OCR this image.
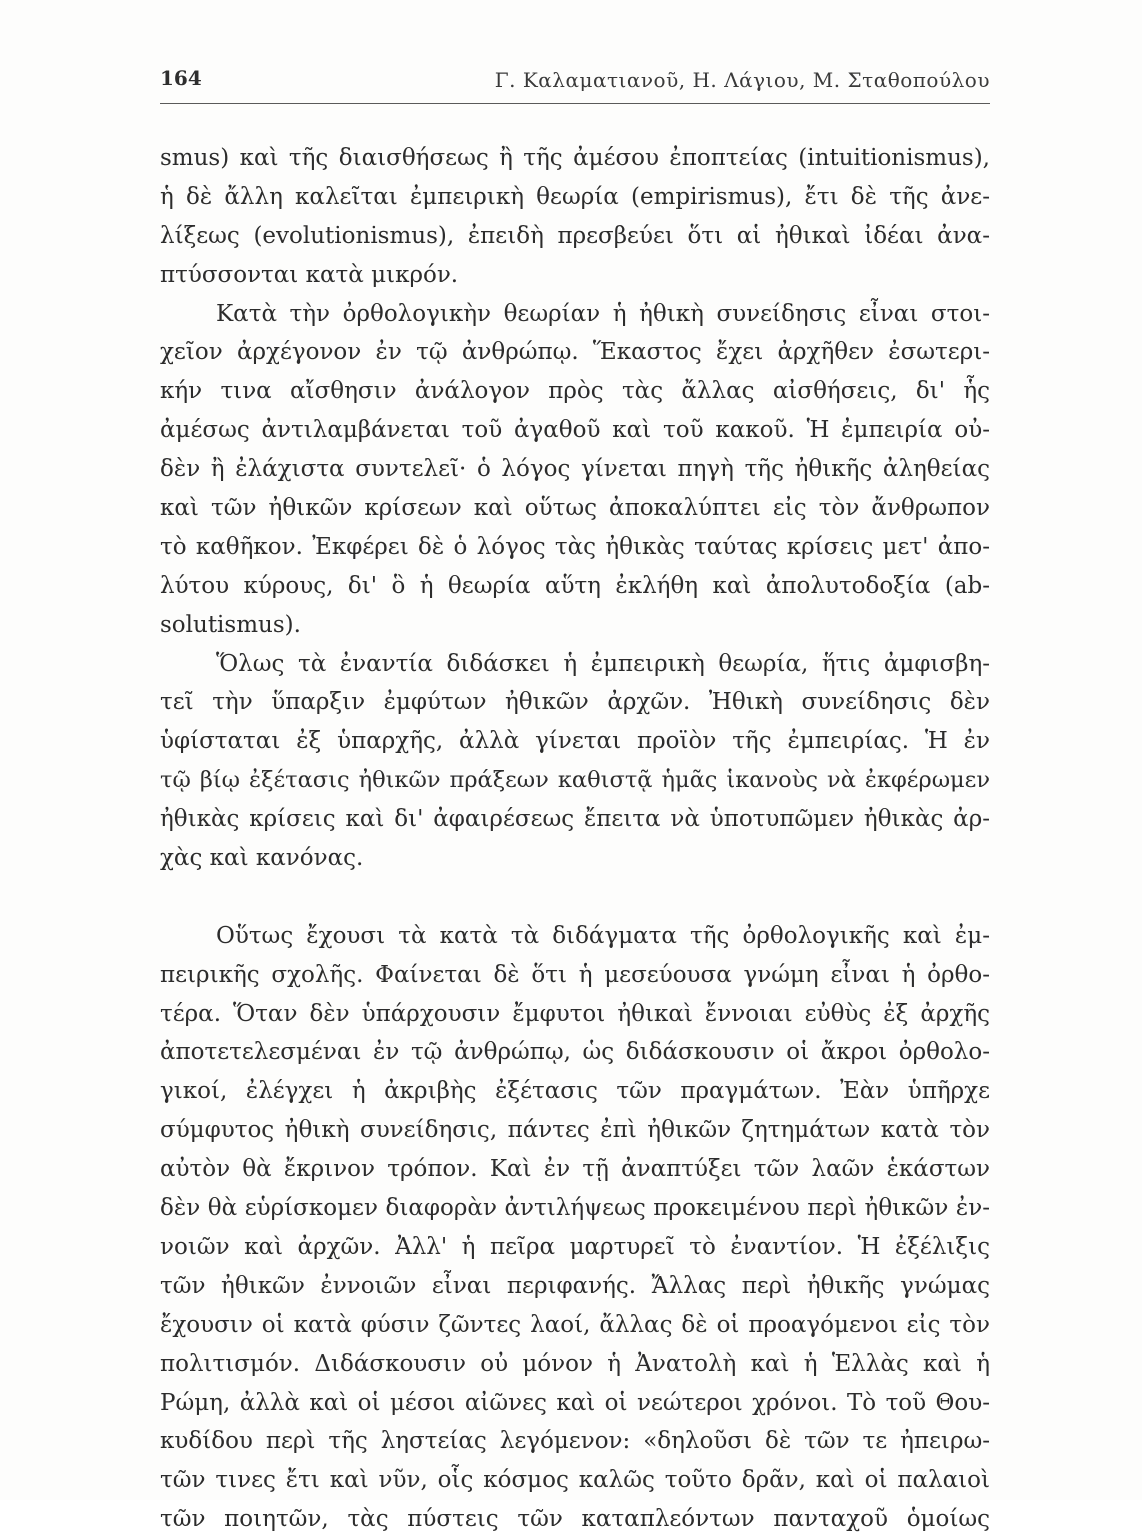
164	Γ. Καλαματιανοῦ, Η. Λάγιου, Μ. Σταθοπούλου
smus) καὶ τῆς διαισθήσεως ἢ τῆς ἀμέσου ἐποπτείας (intuitionismus),
ἡ δὲ ἄλλη καλεῖται ἐμπειρικὴ θεωρία (empirismus), ἔτι δὲ τῆς ἀνε-
λίξεως (evolutionismus), ἐπειδὴ πρεσβεύει ὅτι αἱ ἠθικαὶ ἰδέαι ἀνα-
πτύσσονται κατὰ μικρόν.
Κατὰ τὴν ὀρθολογικὴν θεωρίαν ἡ ἠθικὴ συνείδησις εἶναι στοι-
χεῖον ἀρχέγονον ἐν τῷ ἀνθρώπῳ. Ἕκαστος ἔχει ἀρχῆθεν ἐσωτερι-
κήν τινα αἴσθησιν ἀνάλογον πρὸς τὰς ἄλλας αἰσθήσεις, δι' ἧς
ἀμέσως ἀντιλαμβάνεται τοῦ ἀγαθοῦ καὶ τοῦ κακοῦ. Ἡ ἐμπειρία οὐ-
δὲν ἢ ἐλάχιστα συντελεῖ· ὁ λόγος γίνεται πηγὴ τῆς ἠθικῆς ἀληθείας
καὶ τῶν ἠθικῶν κρίσεων καὶ οὕτως ἀποκαλύπτει εἰς τὸν ἄνθρωπον
τὸ καθῆκον. Ἐκφέρει δὲ ὁ λόγος τὰς ἠθικὰς ταύτας κρίσεις μετ' ἀπο-
λύτου κύρους, δι' ὃ ἡ θεωρία αὕτη ἐκλήθη καὶ ἀπολυτοδοξία (ab-
solutismus).
Ὅλως τὰ ἐναντία διδάσκει ἡ ἐμπειρικὴ θεωρία, ἥτις ἀμφισβη-
τεῖ τὴν ὕπαρξιν ἐμφύτων ἠθικῶν ἀρχῶν. Ἠθικὴ συνείδησις δὲν
ὑφίσταται ἐξ ὑπαρχῆς, ἀλλὰ γίνεται προϊὸν τῆς ἐμπειρίας. Ἡ ἐν
τῷ βίῳ ἐξέτασις ἠθικῶν πράξεων καθιστᾷ ἡμᾶς ἱκανοὺς νὰ ἐκφέρωμεν
ἠθικὰς κρίσεις καὶ δι' ἀφαιρέσεως ἔπειτα νὰ ὑποτυπῶμεν ἠθικὰς ἀρ-
χὰς καὶ κανόνας.
Οὕτως ἔχουσι τὰ κατὰ τὰ διδάγματα τῆς ὀρθολογικῆς καὶ ἐμ-
πειρικῆς σχολῆς. Φαίνεται δὲ ὅτι ἡ μεσεύουσα γνώμη εἶναι ἡ ὀρθο-
τέρα. Ὅταν δὲν ὑπάρχουσιν ἔμφυτοι ἠθικαὶ ἔννοιαι εὐθὺς ἐξ ἀρχῆς
ἀποτετελεσμέναι ἐν τῷ ἀνθρώπῳ, ὡς διδάσκουσιν οἱ ἄκροι ὀρθολο-
γικοί, ἐλέγχει ἡ ἀκριβὴς ἐξέτασις τῶν πραγμάτων. Ἐὰν ὑπῆρχε
σύμφυτος ἠθικὴ συνείδησις, πάντες ἐπὶ ἠθικῶν ζητημάτων κατὰ τὸν
αὐτὸν θὰ ἔκρινον τρόπον. Καὶ ἐν τῇ ἀναπτύξει τῶν λαῶν ἑκάστων
δὲν θὰ εὑρίσκομεν διαφορὰν ἀντιλήψεως προκειμένου περὶ ἠθικῶν ἐν-
νοιῶν καὶ ἀρχῶν. Ἀλλ' ἡ πεῖρα μαρτυρεῖ τὸ ἐναντίον. Ἡ ἐξέλιξις
τῶν ἠθικῶν ἐννοιῶν εἶναι περιφανής. Ἄλλας περὶ ἠθικῆς γνώμας
ἔχουσιν οἱ κατὰ φύσιν ζῶντες λαοί, ἄλλας δὲ οἱ προαγόμενοι εἰς τὸν
πολιτισμόν. Διδάσκουσιν οὐ μόνον ἡ Ἀνατολὴ καὶ ἡ Ἑλλὰς καὶ ἡ
Ρώμη, ἀλλὰ καὶ οἱ μέσοι αἰῶνες καὶ οἱ νεώτεροι χρόνοι. Τὸ τοῦ Θου-
κυδίδου περὶ τῆς ληστείας λεγόμενον: «δηλοῦσι δὲ τῶν τε ἠπειρω-
τῶν τινες ἔτι καὶ νῦν, οἷς κόσμος καλῶς τοῦτο δρᾶν, καὶ οἱ παλαιοὶ
τῶν ποιητῶν, τὰς πύστεις τῶν καταπλεόντων πανταχοῦ ὁμοίως
